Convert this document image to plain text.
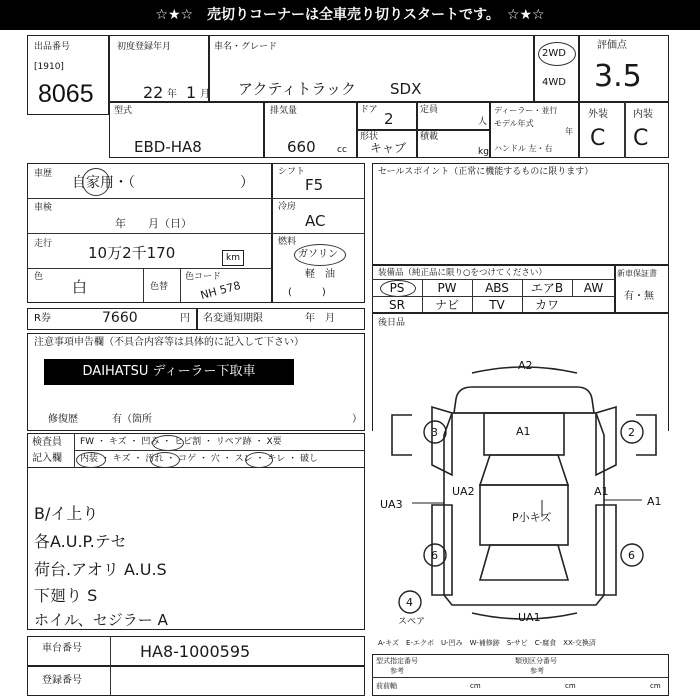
☆★☆　売切りコーナーは全車売り切りスタートです。　☆★☆
出品番号
[1910]
8065
初度登録年月
22 年 1 月
車名・グレード
アクティトラック SDX
2WD
4WD
評価点
3.5
型式
EBD-HA8
排気量
660 cc
ドア 2	定員
人
形状
キャブ
積載
kg
ディーラー・並行
モデル年式
年
ハンドル 左・右
外装	内装
C C
車歴
自家用・（	）
車検
年　　月（日）
走行 10万2千170	km
色
白	色替
色コード
NH 578
R券	7660	円 名変通知期限	年　月
シフト
F5
冷房
AC
燃料
ガソリン
軽　油
(　　　)
セールスポイント（正常に機能するものに限ります）
装備品（純正品に限り○をつけてください）
PS	PW	ABS	エアB	AW
SR	ナビ	TV	カワ
新車保証書
有・無
後日品
注意事項申告欄（不具合内容等は具体的に記入して下さい）
DAIHATSU ディーラー下取車
修復歴	有（箇所	）
検査員
記入欄
FW ・ キズ ・ 凹み ・ ヒビ割 ・ リペア跡 ・ X要
内装 ・ キズ ・ 汚れ ・ コゲ ・ 穴 ・ スレ ・ キレ ・ 破し
B/イ上り
各A.U.P.テセ
荷台.アオリ A.U.S
下廻り S
ホイル、セジラー A
A2
A1
UA2
P小キズ
A1
A1
UA3
UA1
3	2
6	6
4
スペア
A-キズ　E-エクボ　U-凹み　W-補修跡　S-サビ　C-腐食　XX-交換済
車台番号	HA8-1000595
登録番号
型式指定番号	類別区分番号
参考	参考
前前軸	cm	cm	cm
